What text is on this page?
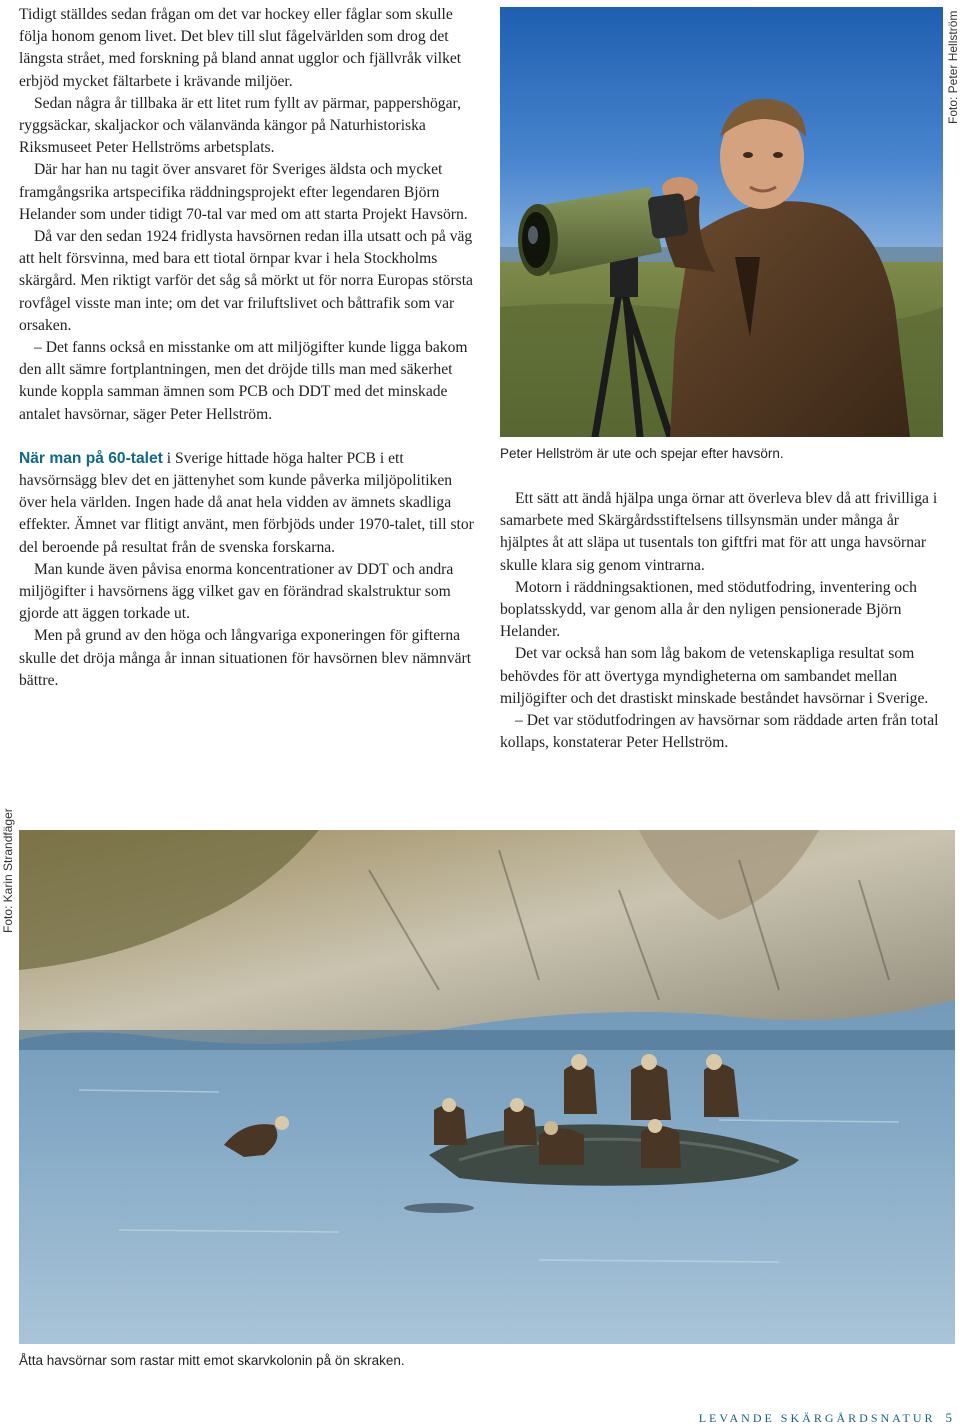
Tidigt ställdes sedan frågan om det var hockey eller fåglar som skulle följa honom genom livet. Det blev till slut fågelvärlden som drog det längsta strået, med forskning på bland annat ugglor och fjällvråk vilket erbjöd mycket fältarbete i krävande miljöer.

Sedan några år tillbaka är ett litet rum fyllt av pärmar, pappershögar, ryggsäckar, skaljackor och välanvända kängor på Naturhistoriska Riksmuseet Peter Hellströms arbetsplats.

Där har han nu tagit över ansvaret för Sveriges äldsta och mycket framgångsrika artspecifika räddningsprojekt efter legendaren Björn Helander som under tidigt 70-tal var med om att starta Projekt Havsörn.

Då var den sedan 1924 fridlysta havsörnen redan illa utsatt och på väg att helt försvinna, med bara ett tiotal örnpar kvar i hela Stockholms skärgård. Men riktigt varför det såg så mörkt ut för norra Europas största rovfågel visste man inte; om det var friluftslivet och båttrafik som var orsaken.

– Det fanns också en misstanke om att miljögifter kunde ligga bakom den allt sämre fortplantningen, men det dröjde tills man med säkerhet kunde koppla samman ämnen som PCB och DDT med det minskade antalet havsörnar, säger Peter Hellström.

När man på 60-talet i Sverige hittade höga halter PCB i ett havsörnsägg blev det en jättenyhet som kunde påverka miljöpolitiken över hela världen. Ingen hade då anat hela vidden av ämnets skadliga effekter. Ämnet var flitigt använt, men förbjöds under 1970-talet, till stor del beroende på resultat från de svenska forskarna.

Man kunde även påvisa enorma koncentrationer av DDT och andra miljögifter i havsörnens ägg vilket gav en förändrad skalstruktur som gjorde att äggen torkade ut.

Men på grund av den höga och långvariga exponeringen för gifterna skulle det dröja många år innan situationen för havsörnen blev nämnvärt bättre.

Foto: Peter Hellström
Peter Hellström är ute och spejar efter havsörn.

Ett sätt att ändå hjälpa unga örnar att överleva blev då att frivilliga i samarbete med Skärgårdsstiftelsens tillsynsmän under många år hjälptes åt att släpa ut tusentals ton giftfri mat för att unga havsörnar skulle klara sig genom vintrarna.

Motorn i räddningsaktionen, med stödutfodring, inventering och boplatsskydd, var genom alla år den nyligen pensionerade Björn Helander.

Det var också han som låg bakom de vetenskapliga resultat som behövdes för att övertyga myndigheterna om sambandet mellan miljögifter och det drastiskt minskade beståndet havsörnar i Sverige.

– Det var stödutfodringen av havsörnar som räddade arten från total kollaps, konstaterar Peter Hellström.

Foto: Karin Strandfäger
Åtta havsörnar som rastar mitt emot skarvkolonin på ön skraken.
LEVANDE SKÄRGÅRDSNATUR 5
